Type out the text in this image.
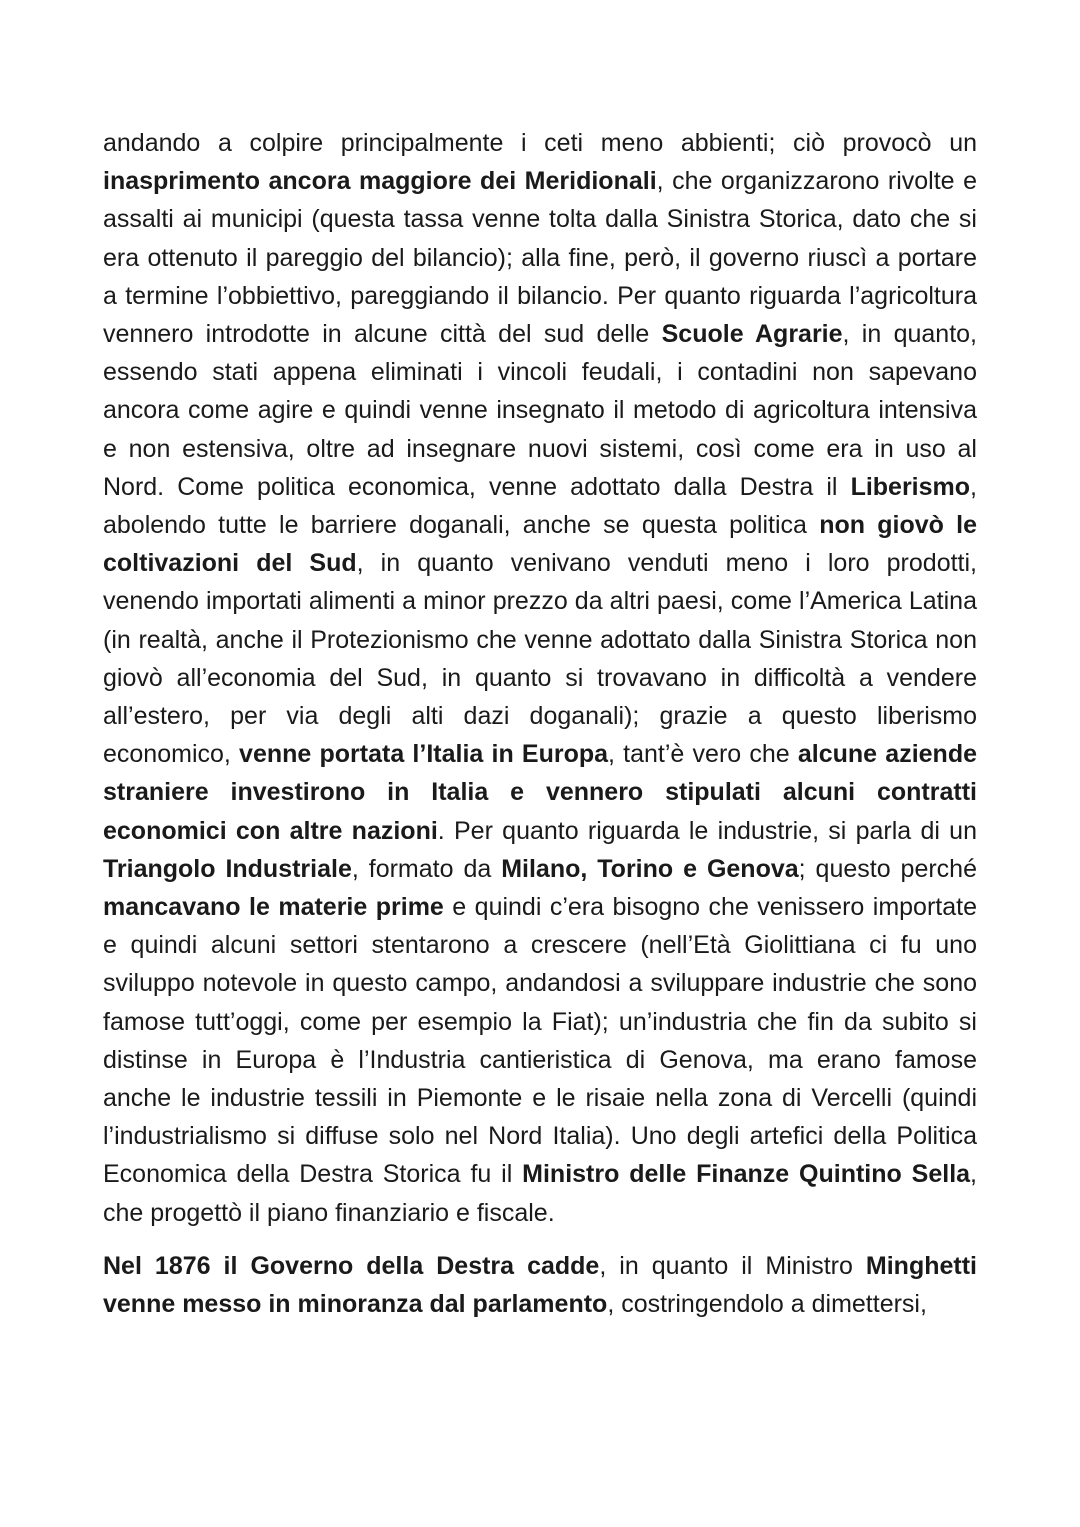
andando a colpire principalmente i ceti meno abbienti; ciò provocò un inasprimento ancora maggiore dei Meridionali, che organizzarono rivolte e assalti ai municipi (questa tassa venne tolta dalla Sinistra Storica, dato che si era ottenuto il pareggio del bilancio); alla fine, però, il governo riuscì a portare a termine l’obbiettivo, pareggiando il bilancio. Per quanto riguarda l’agricoltura vennero introdotte in alcune città del sud delle Scuole Agrarie, in quanto, essendo stati appena eliminati i vincoli feudali, i contadini non sapevano ancora come agire e quindi venne insegnato il metodo di agricoltura intensiva e non estensiva, oltre ad insegnare nuovi sistemi, così come era in uso al Nord. Come politica economica, venne adottato dalla Destra il Liberismo, abolendo tutte le barriere doganali, anche se questa politica non giovò le coltivazioni del Sud, in quanto venivano venduti meno i loro prodotti, venendo importati alimenti a minor prezzo da altri paesi, come l’America Latina (in realtà, anche il Protezionismo che venne adottato dalla Sinistra Storica non giovò all’economia del Sud, in quanto si trovavano in difficoltà a vendere all’estero, per via degli alti dazi doganali); grazie a questo liberismo economico, venne portata l’Italia in Europa, tant’è vero che alcune aziende straniere investirono in Italia e vennero stipulati alcuni contratti economici con altre nazioni. Per quanto riguarda le industrie, si parla di un Triangolo Industriale, formato da Milano, Torino e Genova; questo perché mancavano le materie prime e quindi c’era bisogno che venissero importate e quindi alcuni settori stentarono a crescere (nell’Età Giolittiana ci fu uno sviluppo notevole in questo campo, andandosi a sviluppare industrie che sono famose tutt’oggi, come per esempio la Fiat); un’industria che fin da subito si distinse in Europa è l’Industria cantieristica di Genova, ma erano famose anche le industrie tessili in Piemonte e le risaie nella zona di Vercelli (quindi l’industrialismo si diffuse solo nel Nord Italia). Uno degli artefici della Politica Economica della Destra Storica fu il Ministro delle Finanze Quintino Sella, che progettò il piano finanziario e fiscale.

Nel 1876 il Governo della Destra cadde, in quanto il Ministro Minghetti venne messo in minoranza dal parlamento, costringendolo a dimettersi,
